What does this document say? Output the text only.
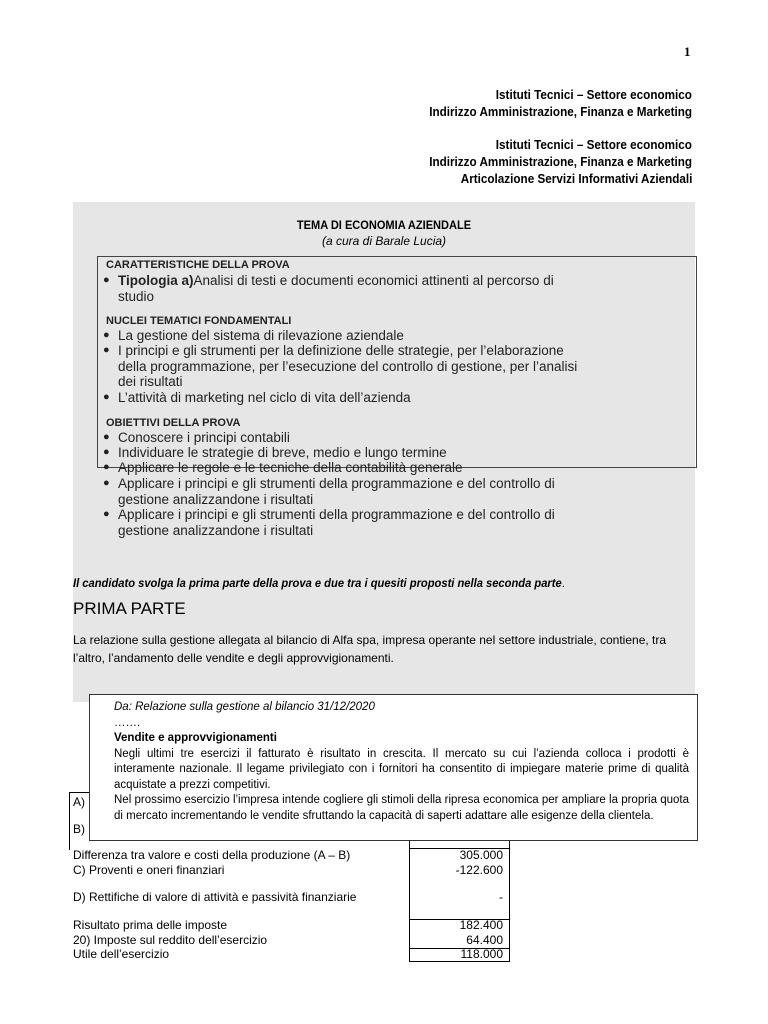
1
Istituti Tecnici – Settore economico
Indirizzo Amministrazione, Finanza e Marketing
Istituti Tecnici – Settore economico
Indirizzo Amministrazione, Finanza e Marketing
Articolazione Servizi Informativi Aziendali
TEMA DI ECONOMIA AZIENDALE
(a cura di Barale Lucia)
CARATTERISTICHE DELLA PROVA
● Tipologia a)Analisi di testi e documenti economici attinenti al percorso di
studio
NUCLEI TEMATICI FONDAMENTALI
● La gestione del sistema di rilevazione aziendale
● I principi e gli strumenti per la definizione delle strategie, per l’elaborazione
della programmazione, per l’esecuzione del controllo di gestione, per l’analisi
dei risultati
● L’attività di marketing nel ciclo di vita dell’azienda
OBIETTIVI DELLA PROVA
● Conoscere i principi contabili
● Individuare le strategie di breve, medio e lungo termine
● Applicare le regole e le tecniche della contabilità generale
● Applicare i principi e gli strumenti della programmazione e del controllo di
gestione analizzandone i risultati
● Applicare i principi e gli strumenti della programmazione e del controllo di
gestione analizzandone i risultati
Il candidato svolga la prima parte della prova e due tra i quesiti proposti nella seconda parte.
PRIMA PARTE
La relazione sulla gestione allegata al bilancio di Alfa spa, impresa operante nel settore industriale, contiene, tra l’altro, l’andamento delle vendite e degli approvvigionamenti.
A)
B)
Differenza tra valore e costi della produzione (A – B)	305.000
C) Proventi e oneri finanziari	-122.600
D) Rettifiche di valore di attività e passività finanziarie	-
Risultato prima delle imposte	182.400
20) Imposte sul reddito dell’esercizio	64.400
Utile dell’esercizio	118.000
Da: Relazione sulla gestione al bilancio 31/12/2020
…….
Vendite e approvvigionamenti
Negli ultimi tre esercizi il fatturato è risultato in crescita. Il mercato su cui l’azienda colloca i prodotti è interamente nazionale. Il legame privilegiato con i fornitori ha consentito di impiegare materie prime di qualità acquistate a prezzi competitivi.
Nel prossimo esercizio l’impresa intende cogliere gli stimoli della ripresa economica per ampliare la propria quota di mercato incrementando le vendite sfruttando la capacità di saperti adattare alle esigenze della clientela.
